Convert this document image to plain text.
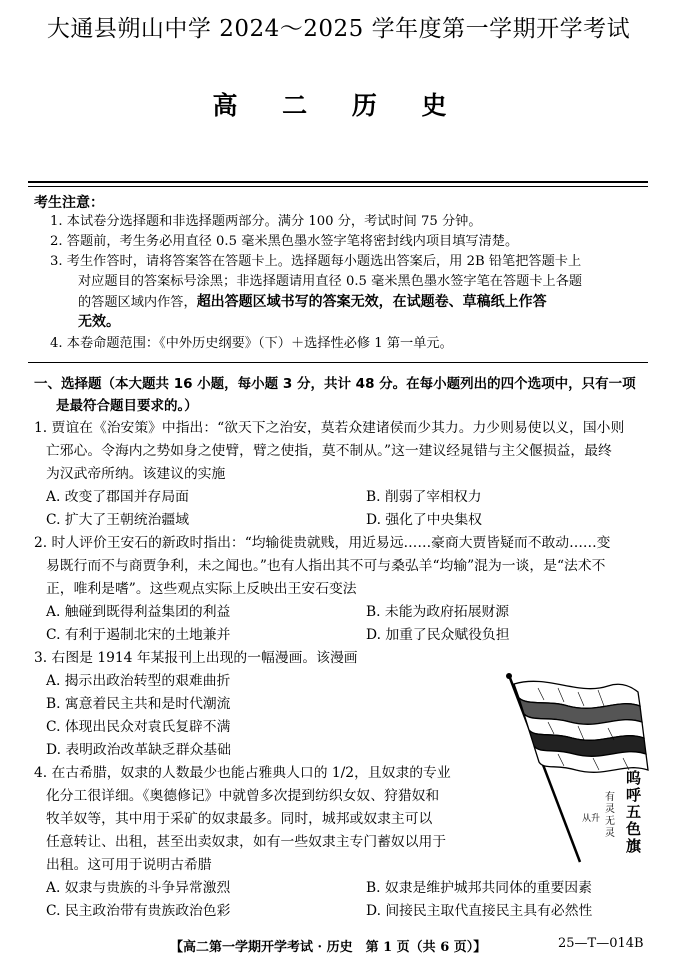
大通县朔山中学 2024～2025 学年度第一学期开学考试
高 二 历 史
考生注意：
1. 本试卷分选择题和非选择题两部分。满分 100 分，考试时间 75 分钟。
2. 答题前，考生务必用直径 0.5 毫米黑色墨水签字笔将密封线内项目填写清楚。
3. 考生作答时，请将答案答在答题卡上。选择题每小题选出答案后，用 2B 铅笔把答题卡上
对应题目的答案标号涂黑；非选择题请用直径 0.5 毫米黑色墨水签字笔在答题卡上各题
的答题区域内作答，超出答题区域书写的答案无效，在试题卷、草稿纸上作答
无效。
4. 本卷命题范围：《中外历史纲要》（下）＋选择性必修 1 第一单元。
一、选择题（本大题共 16 小题，每小题 3 分，共计 48 分。在每小题列出的四个选项中，只有一项
是最符合题目要求的。）
1. 贾谊在《治安策》中指出：“欲天下之治安，莫若众建诸侯而少其力。力少则易使以义，国小则
亡邪心。令海内之势如身之使臂，臂之使指，莫不制从。”这一建议经晁错与主父偃损益，最终
为汉武帝所纳。该建议的实施
A. 改变了郡国并存局面	B. 削弱了宰相权力
C. 扩大了王朝统治疆域	D. 强化了中央集权
2. 时人评价王安石的新政时指出：“均输徙贵就贱，用近易远……豪商大贾皆疑而不敢动……变
易既行而不与商贾争利，未之闻也。”也有人指出其不可与桑弘羊“均输”混为一谈，是“法术不
正，唯利是嗜”。这些观点实际上反映出王安石变法
A. 触碰到既得利益集团的利益	B. 未能为政府拓展财源
C. 有利于遏制北宋的土地兼并	D. 加重了民众赋役负担
3. 右图是 1914 年某报刊上出现的一幅漫画。该漫画
A. 揭示出政治转型的艰难曲折
B. 寓意着民主共和是时代潮流
C. 体现出民众对袁氏复辟不满
D. 表明政治改革缺乏群众基础
4. 在古希腊，奴隶的人数最少也能占雅典人口的 1/2，且奴隶的专业
化分工很详细。《奥德修记》中就曾多次提到纺织女奴、狩猎奴和
牧羊奴等，其中用于采矿的奴隶最多。同时，城邦或奴隶主可以
任意转让、出租，甚至出卖奴隶，如有一些奴隶主专门蓄奴以用于
出租。这可用于说明古希腊
A. 奴隶与贵族的斗争异常激烈	B. 奴隶是维护城邦共同体的重要因素
C. 民主政治带有贵族政治色彩	D. 间接民主取代直接民主具有必然性
呜呼五色旗
有灵无灵
从升
【高二第一学期开学考试 · 历史　第 1 页（共 6 页）】	25—T—014B
